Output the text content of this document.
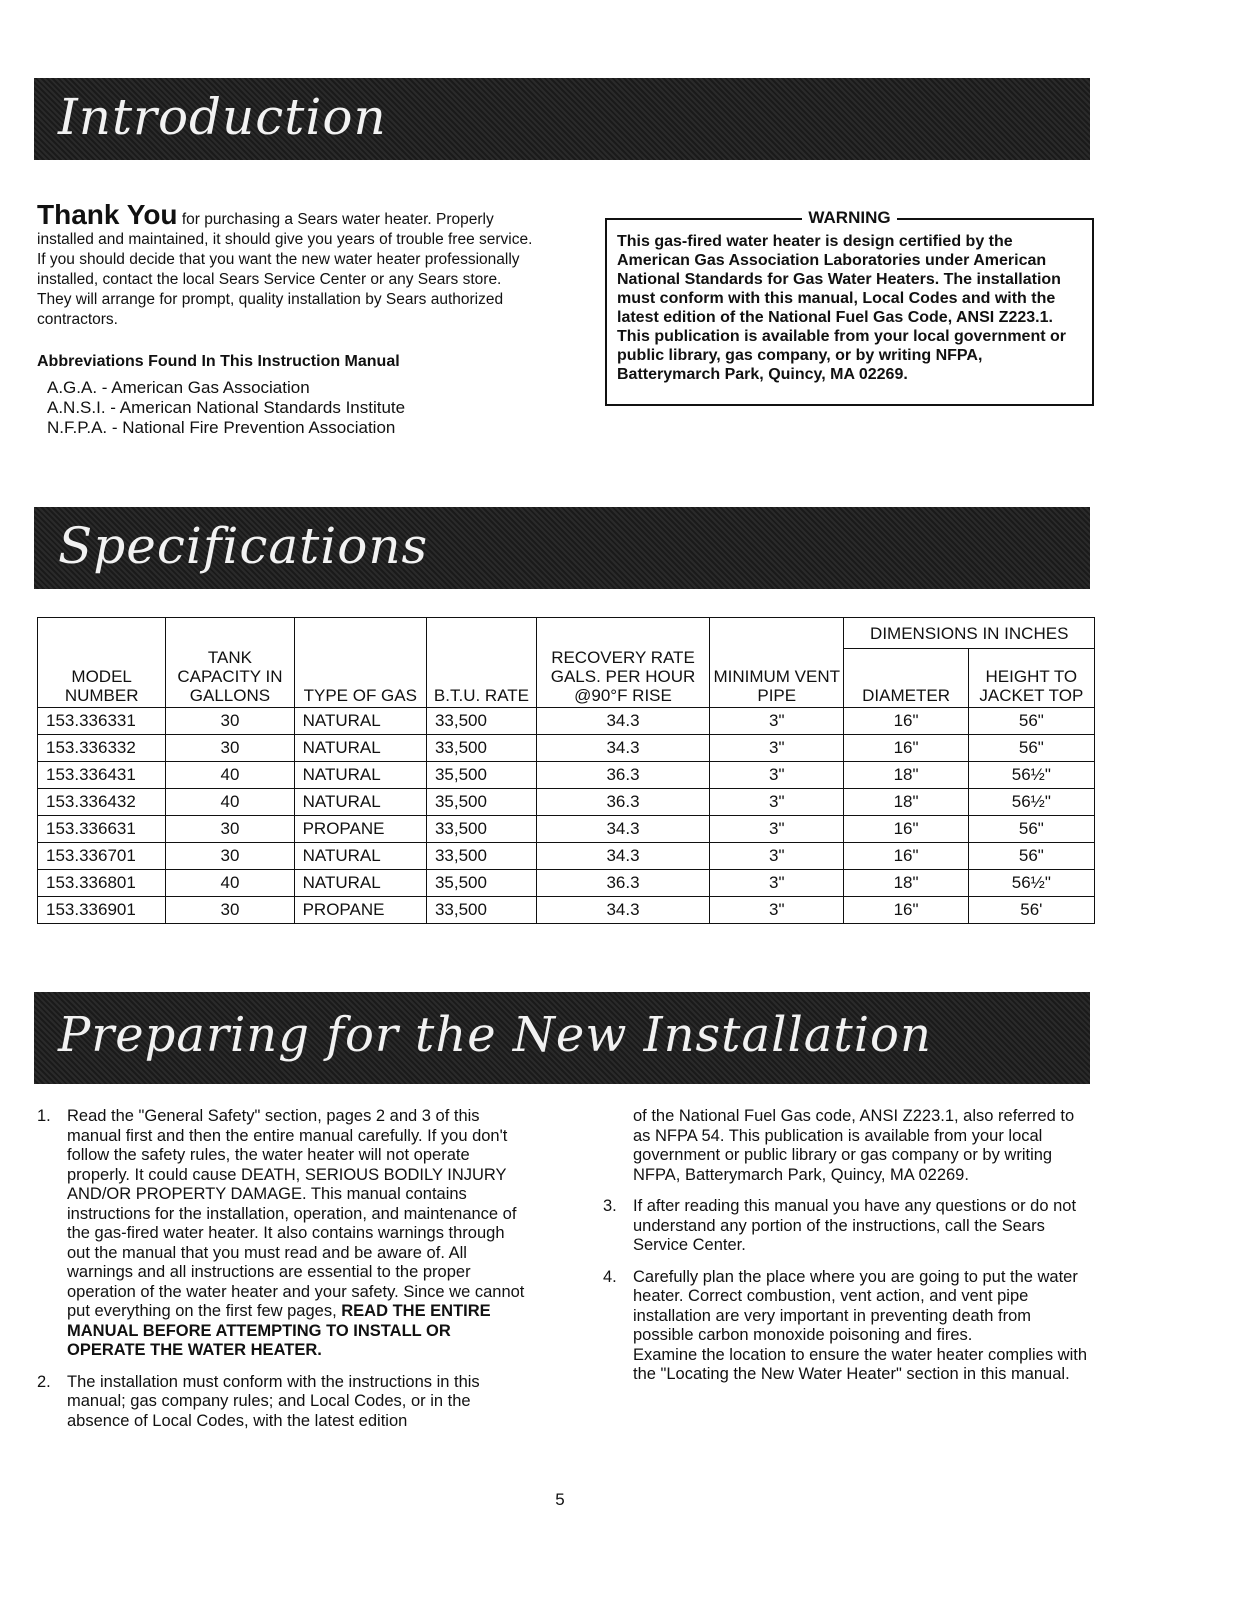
Introduction
Thank You for purchasing a Sears water heater. Properly installed and maintained, it should give you years of trouble free service. If you should decide that you want the new water heater professionally installed, contact the local Sears Service Center or any Sears store. They will arrange for prompt, quality installation by Sears authorized contractors.
Abbreviations Found In This Instruction Manual
A.G.A. - American Gas Association
A.N.S.I. - American National Standards Institute
N.F.P.A. - National Fire Prevention Association
WARNING
This gas-fired water heater is design certified by the American Gas Association Laboratories under American National Standards for Gas Water Heaters. The installation must conform with this manual, Local Codes and with the latest edition of the National Fuel Gas Code, ANSI Z223.1.
This publication is available from your local government or public library, gas company, or by writing NFPA, Batterymarch Park, Quincy, MA 02269.
Specifications
MODEL NUMBER	TANK CAPACITY IN GALLONS	TYPE OF GAS	B.T.U. RATE	RECOVERY RATE GALS. PER HOUR @90°F RISE	MINIMUM VENT PIPE	DIMENSIONS IN INCHES	
						DIAMETER	HEIGHT TO JACKET TOP
153.336331	30	NATURAL	33,500	34.3	3"	16"	56"
153.336332	30	NATURAL	33,500	34.3	3"	16"	56"
153.336431	40	NATURAL	35,500	36.3	3"	18"	56½"
153.336432	40	NATURAL	35,500	36.3	3"	18"	56½"
153.336631	30	PROPANE	33,500	34.3	3"	16"	56"
153.336701	30	NATURAL	33,500	34.3	3"	16"	56"
153.336801	40	NATURAL	35,500	36.3	3"	18"	56½"
153.336901	30	PROPANE	33,500	34.3	3"	16"	56'
Preparing for the New Installation
1. Read the "General Safety" section, pages 2 and 3 of this manual first and then the entire manual carefully. If you don't follow the safety rules, the water heater will not operate properly. It could cause DEATH, SERIOUS BODILY INJURY AND/OR PROPERTY DAMAGE. This manual contains instructions for the installation, operation, and maintenance of the gas-fired water heater. It also contains warnings through out the manual that you must read and be aware of. All warnings and all instructions are essential to the proper operation of the water heater and your safety. Since we cannot put everything on the first few pages, READ THE ENTIRE MANUAL BEFORE ATTEMPTING TO INSTALL OR OPERATE THE WATER HEATER.
2. The installation must conform with the instructions in this manual; gas company rules; and Local Codes, or in the absence of Local Codes, with the latest edition
of the National Fuel Gas code, ANSI Z223.1, also referred to as NFPA 54. This publication is available from your local government or public library or gas company or by writing NFPA, Batterymarch Park, Quincy, MA 02269.
3. If after reading this manual you have any questions or do not understand any portion of the instructions, call the Sears Service Center.
4. Carefully plan the place where you are going to put the water heater. Correct combustion, vent action, and vent pipe installation are very important in preventing death from possible carbon monoxide poisoning and fires.
Examine the location to ensure the water heater complies with the "Locating the New Water Heater" section in this manual.
5
